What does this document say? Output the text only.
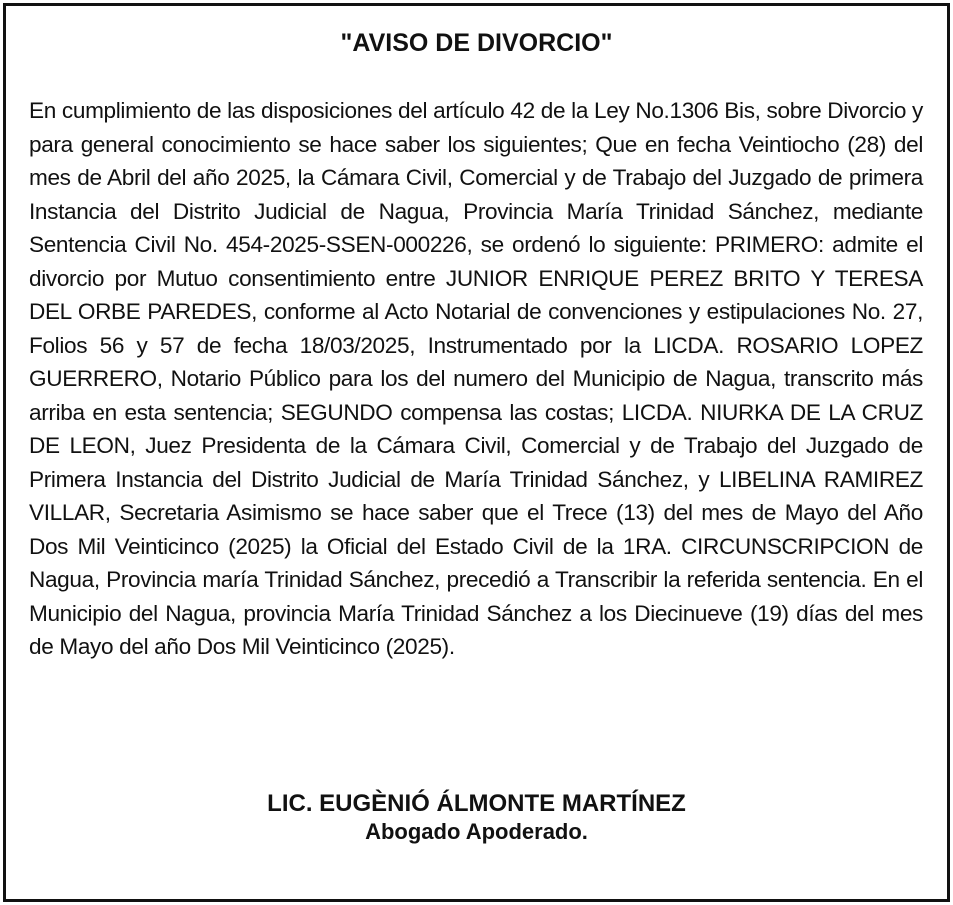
"AVISO DE DIVORCIO"

En cumplimiento de las disposiciones del artículo 42 de la Ley No.1306 Bis, sobre Divorcio y para general conocimiento se hace saber los siguientes; Que en fecha Veintiocho (28) del mes de Abril del año 2025, la Cámara Civil, Comercial y de Trabajo del Juzgado de primera Instancia del Distrito Judicial de Nagua, Provincia María Trinidad Sánchez, mediante Sentencia Civil No. 454-2025-SSEN-000226, se ordenó lo siguiente: PRIMERO: admite el divorcio por Mutuo consentimiento entre JUNIOR ENRIQUE PEREZ BRITO Y TERESA DEL ORBE PAREDES, conforme al Acto Notarial de convenciones y estipulaciones No. 27, Folios 56 y 57 de fecha 18/03/2025, Instrumentado por la LICDA. ROSARIO LOPEZ GUERRERO, Notario Público para los del numero del Municipio de Nagua, transcrito más arriba en esta sentencia; SEGUNDO compensa las costas; LICDA. NIURKA DE LA CRUZ DE LEON, Juez Presidenta de la Cámara Civil, Comercial y de Trabajo del Juzgado de Primera Instancia del Distrito Judicial de María Trinidad Sánchez, y LIBELINA RAMIREZ VILLAR, Secretaria Asimismo se hace saber que el Trece (13) del mes de Mayo del Año Dos Mil Veinticinco (2025) la Oficial del Estado Civil de la 1RA. CIRCUNSCRIPCION de Nagua, Provincia maría Trinidad Sánchez, precedió a Transcribir la referida sentencia. En el Municipio del Nagua, provincia María Trinidad Sánchez a los Diecinueve (19) días del mes de Mayo del año Dos Mil Veinticinco (2025).

LIC. EUGÈNIÓ ÁLMONTE MARTÍNEZ
Abogado Apoderado.
